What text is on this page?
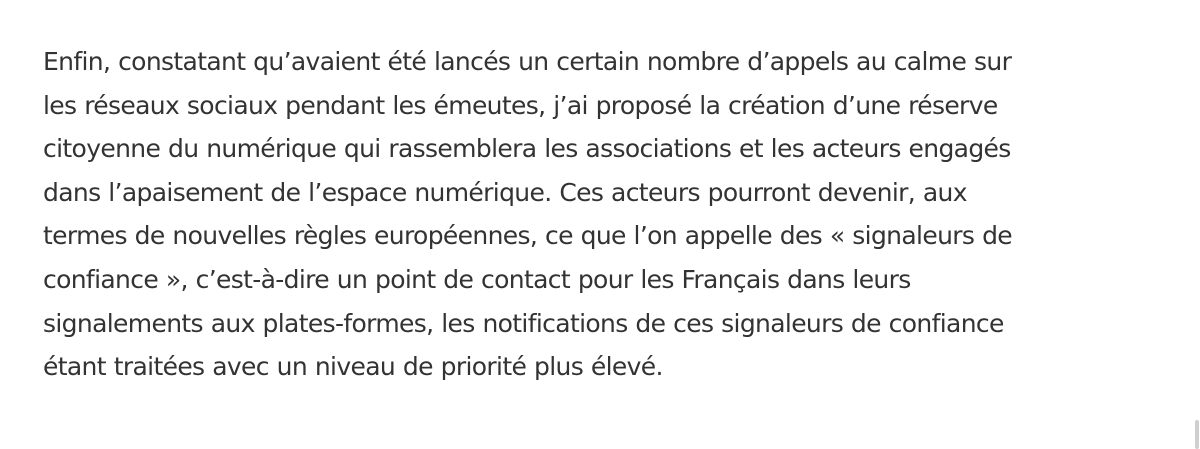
Enfin, constatant qu’avaient été lancés un certain nombre d’appels au calme sur
les réseaux sociaux pendant les émeutes, j’ai proposé la création d’une réserve
citoyenne du numérique qui rassemblera les associations et les acteurs engagés
dans l’apaisement de l’espace numérique. Ces acteurs pourront devenir, aux
termes de nouvelles règles européennes, ce que l’on appelle des « signaleurs de
confiance », c’est-à-dire un point de contact pour les Français dans leurs
signalements aux plates-formes, les notifications de ces signaleurs de confiance
étant traitées avec un niveau de priorité plus élevé.
